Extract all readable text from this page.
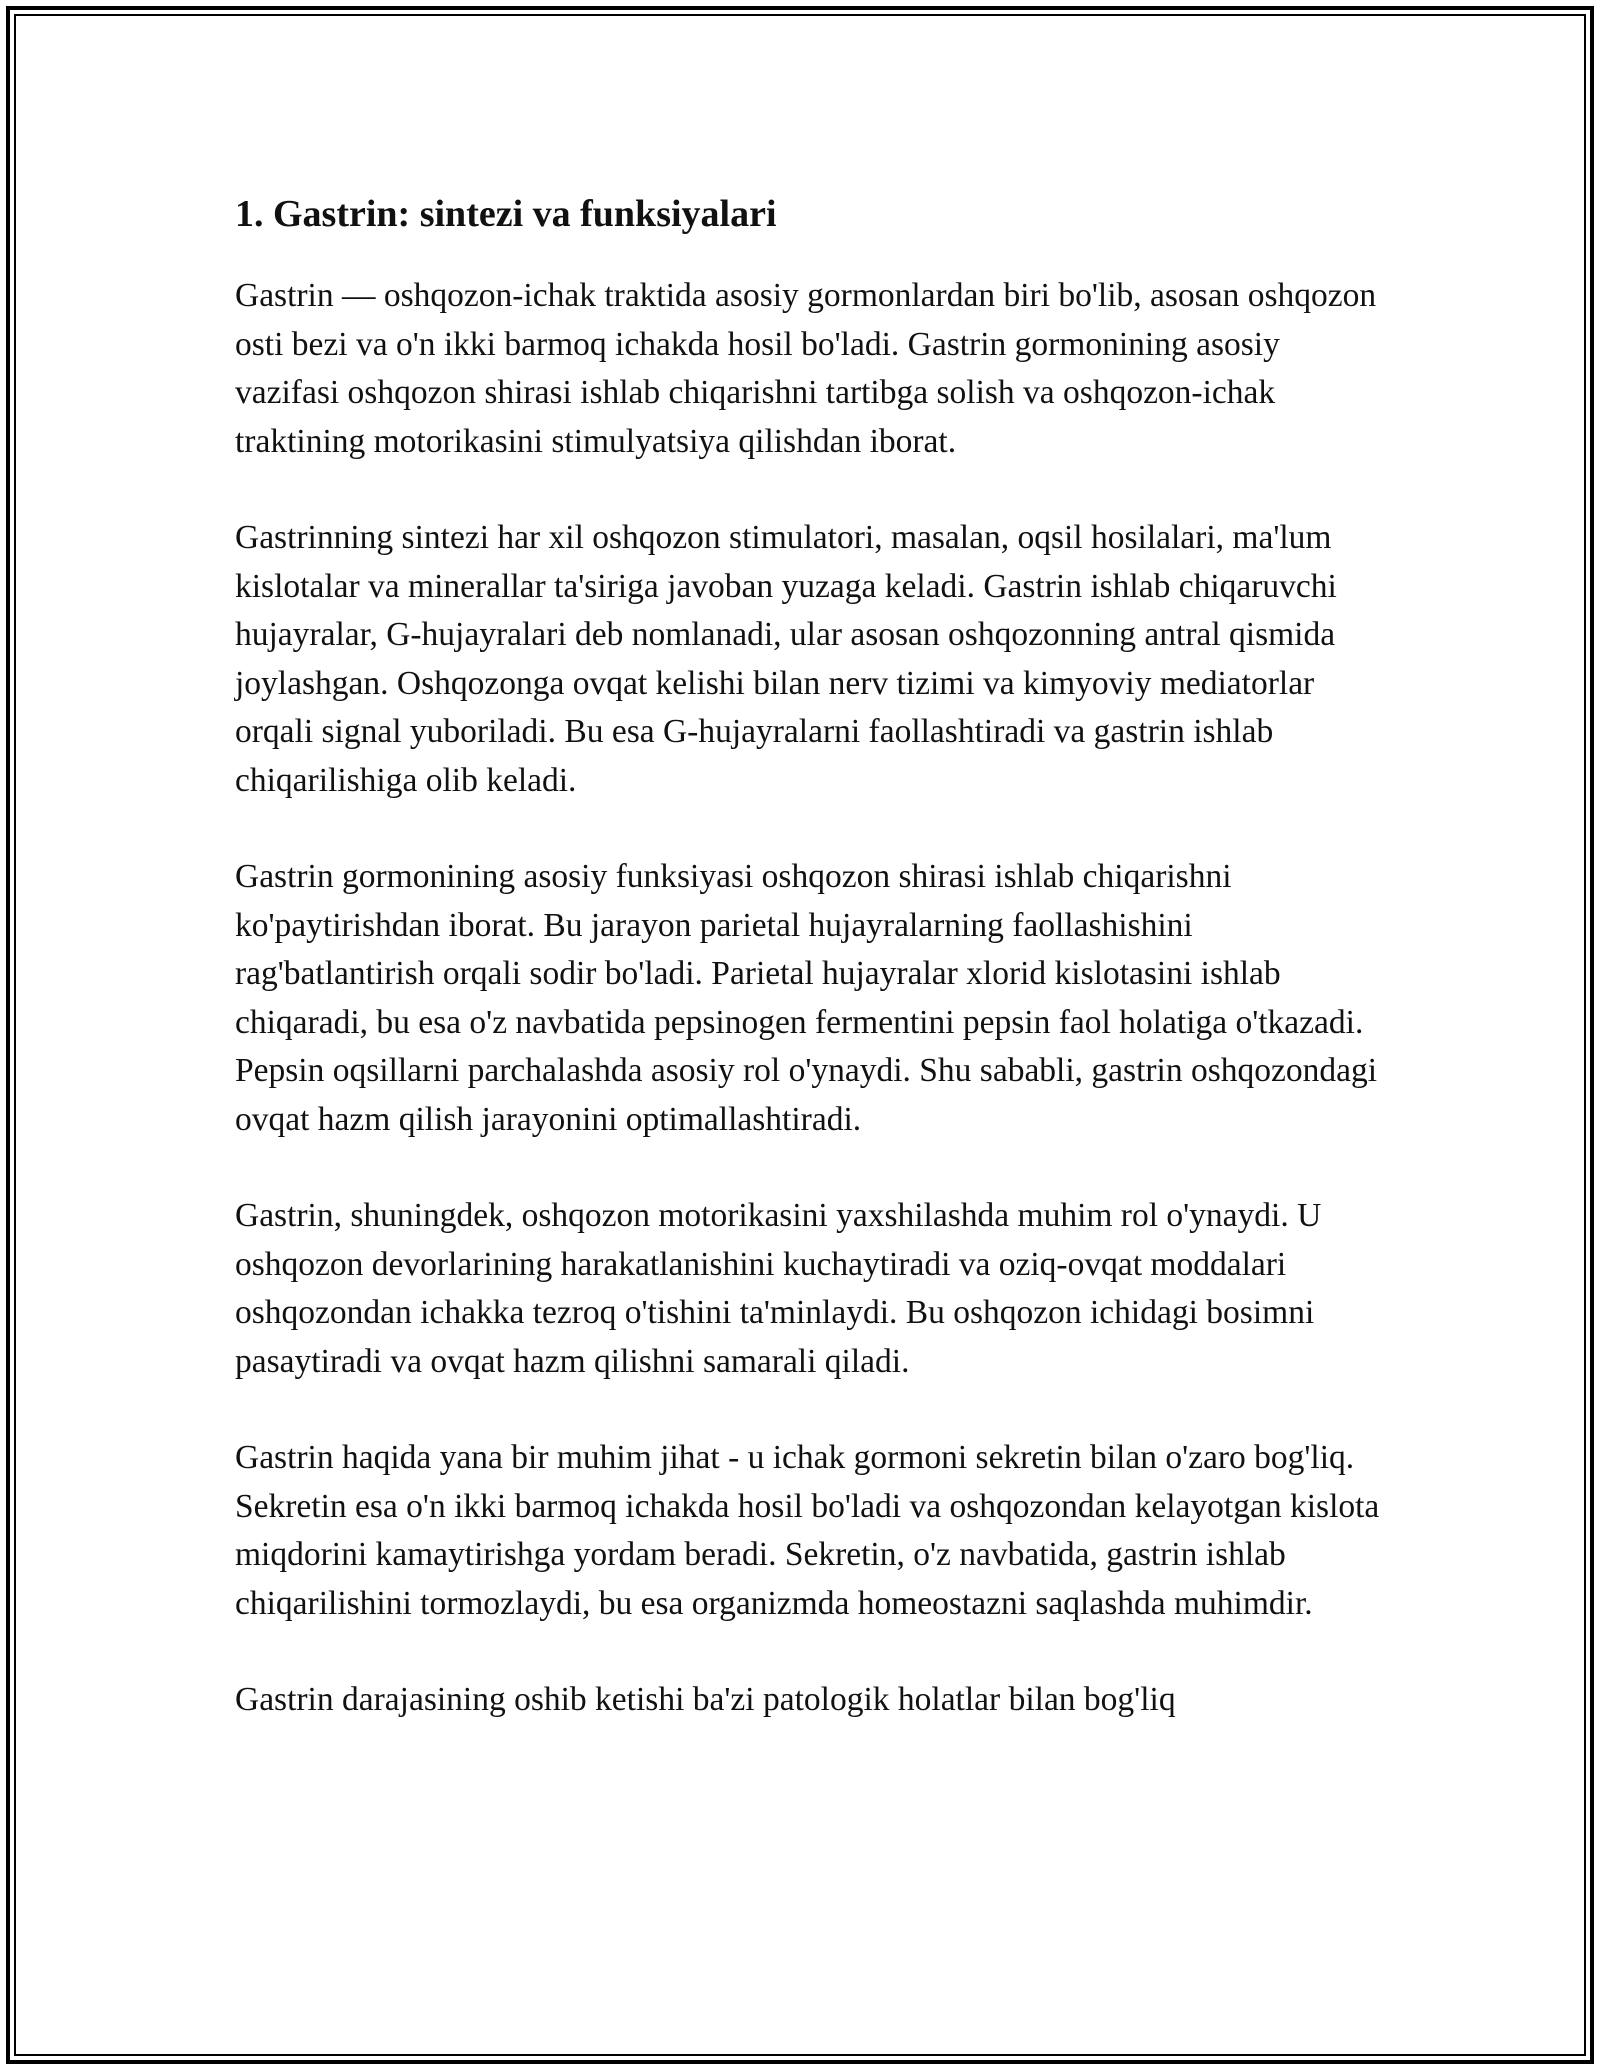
1. Gastrin: sintezi va funksiyalari

Gastrin — oshqozon-ichak traktida asosiy gormonlardan biri bo'lib, asosan oshqozon osti bezi va o'n ikki barmoq ichakda hosil bo'ladi. Gastrin gormonining asosiy vazifasi oshqozon shirasi ishlab chiqarishni tartibga solish va oshqozon-ichak traktining motorikasini stimulyatsiya qilishdan iborat.

Gastrinning sintezi har xil oshqozon stimulatori, masalan, oqsil hosilalari, ma'lum kislotalar va minerallar ta'siriga javoban yuzaga keladi. Gastrin ishlab chiqaruvchi hujayralar, G-hujayralari deb nomlanadi, ular asosan oshqozonning antral qismida joylashgan. Oshqozonga ovqat kelishi bilan nerv tizimi va kimyoviy mediatorlar orqali signal yuboriladi. Bu esa G-hujayralarni faollashtiradi va gastrin ishlab chiqarilishiga olib keladi.

Gastrin gormonining asosiy funksiyasi oshqozon shirasi ishlab chiqarishni ko'paytirishdan iborat. Bu jarayon parietal hujayralarning faollashishini rag'batlantirish orqali sodir bo'ladi. Parietal hujayralar xlorid kislotasini ishlab chiqaradi, bu esa o'z navbatida pepsinogen fermentini pepsin faol holatiga o'tkazadi. Pepsin oqsillarni parchalashda asosiy rol o'ynaydi. Shu sababli, gastrin oshqozondagi ovqat hazm qilish jarayonini optimallashtiradi.

Gastrin, shuningdek, oshqozon motorikasini yaxshilashda muhim rol o'ynaydi. U oshqozon devorlarining harakatlanishini kuchaytiradi va oziq-ovqat moddalari oshqozondan ichakka tezroq o'tishini ta'minlaydi. Bu oshqozon ichidagi bosimni pasaytiradi va ovqat hazm qilishni samarali qiladi.

Gastrin haqida yana bir muhim jihat - u ichak gormoni sekretin bilan o'zaro bog'liq. Sekretin esa o'n ikki barmoq ichakda hosil bo'ladi va oshqozondan kelayotgan kislota miqdorini kamaytirishga yordam beradi. Sekretin, o'z navbatida, gastrin ishlab chiqarilishini tormozlaydi, bu esa organizmda homeostazni saqlashda muhimdir.

Gastrin darajasining oshib ketishi ba'zi patologik holatlar bilan bog'liq
